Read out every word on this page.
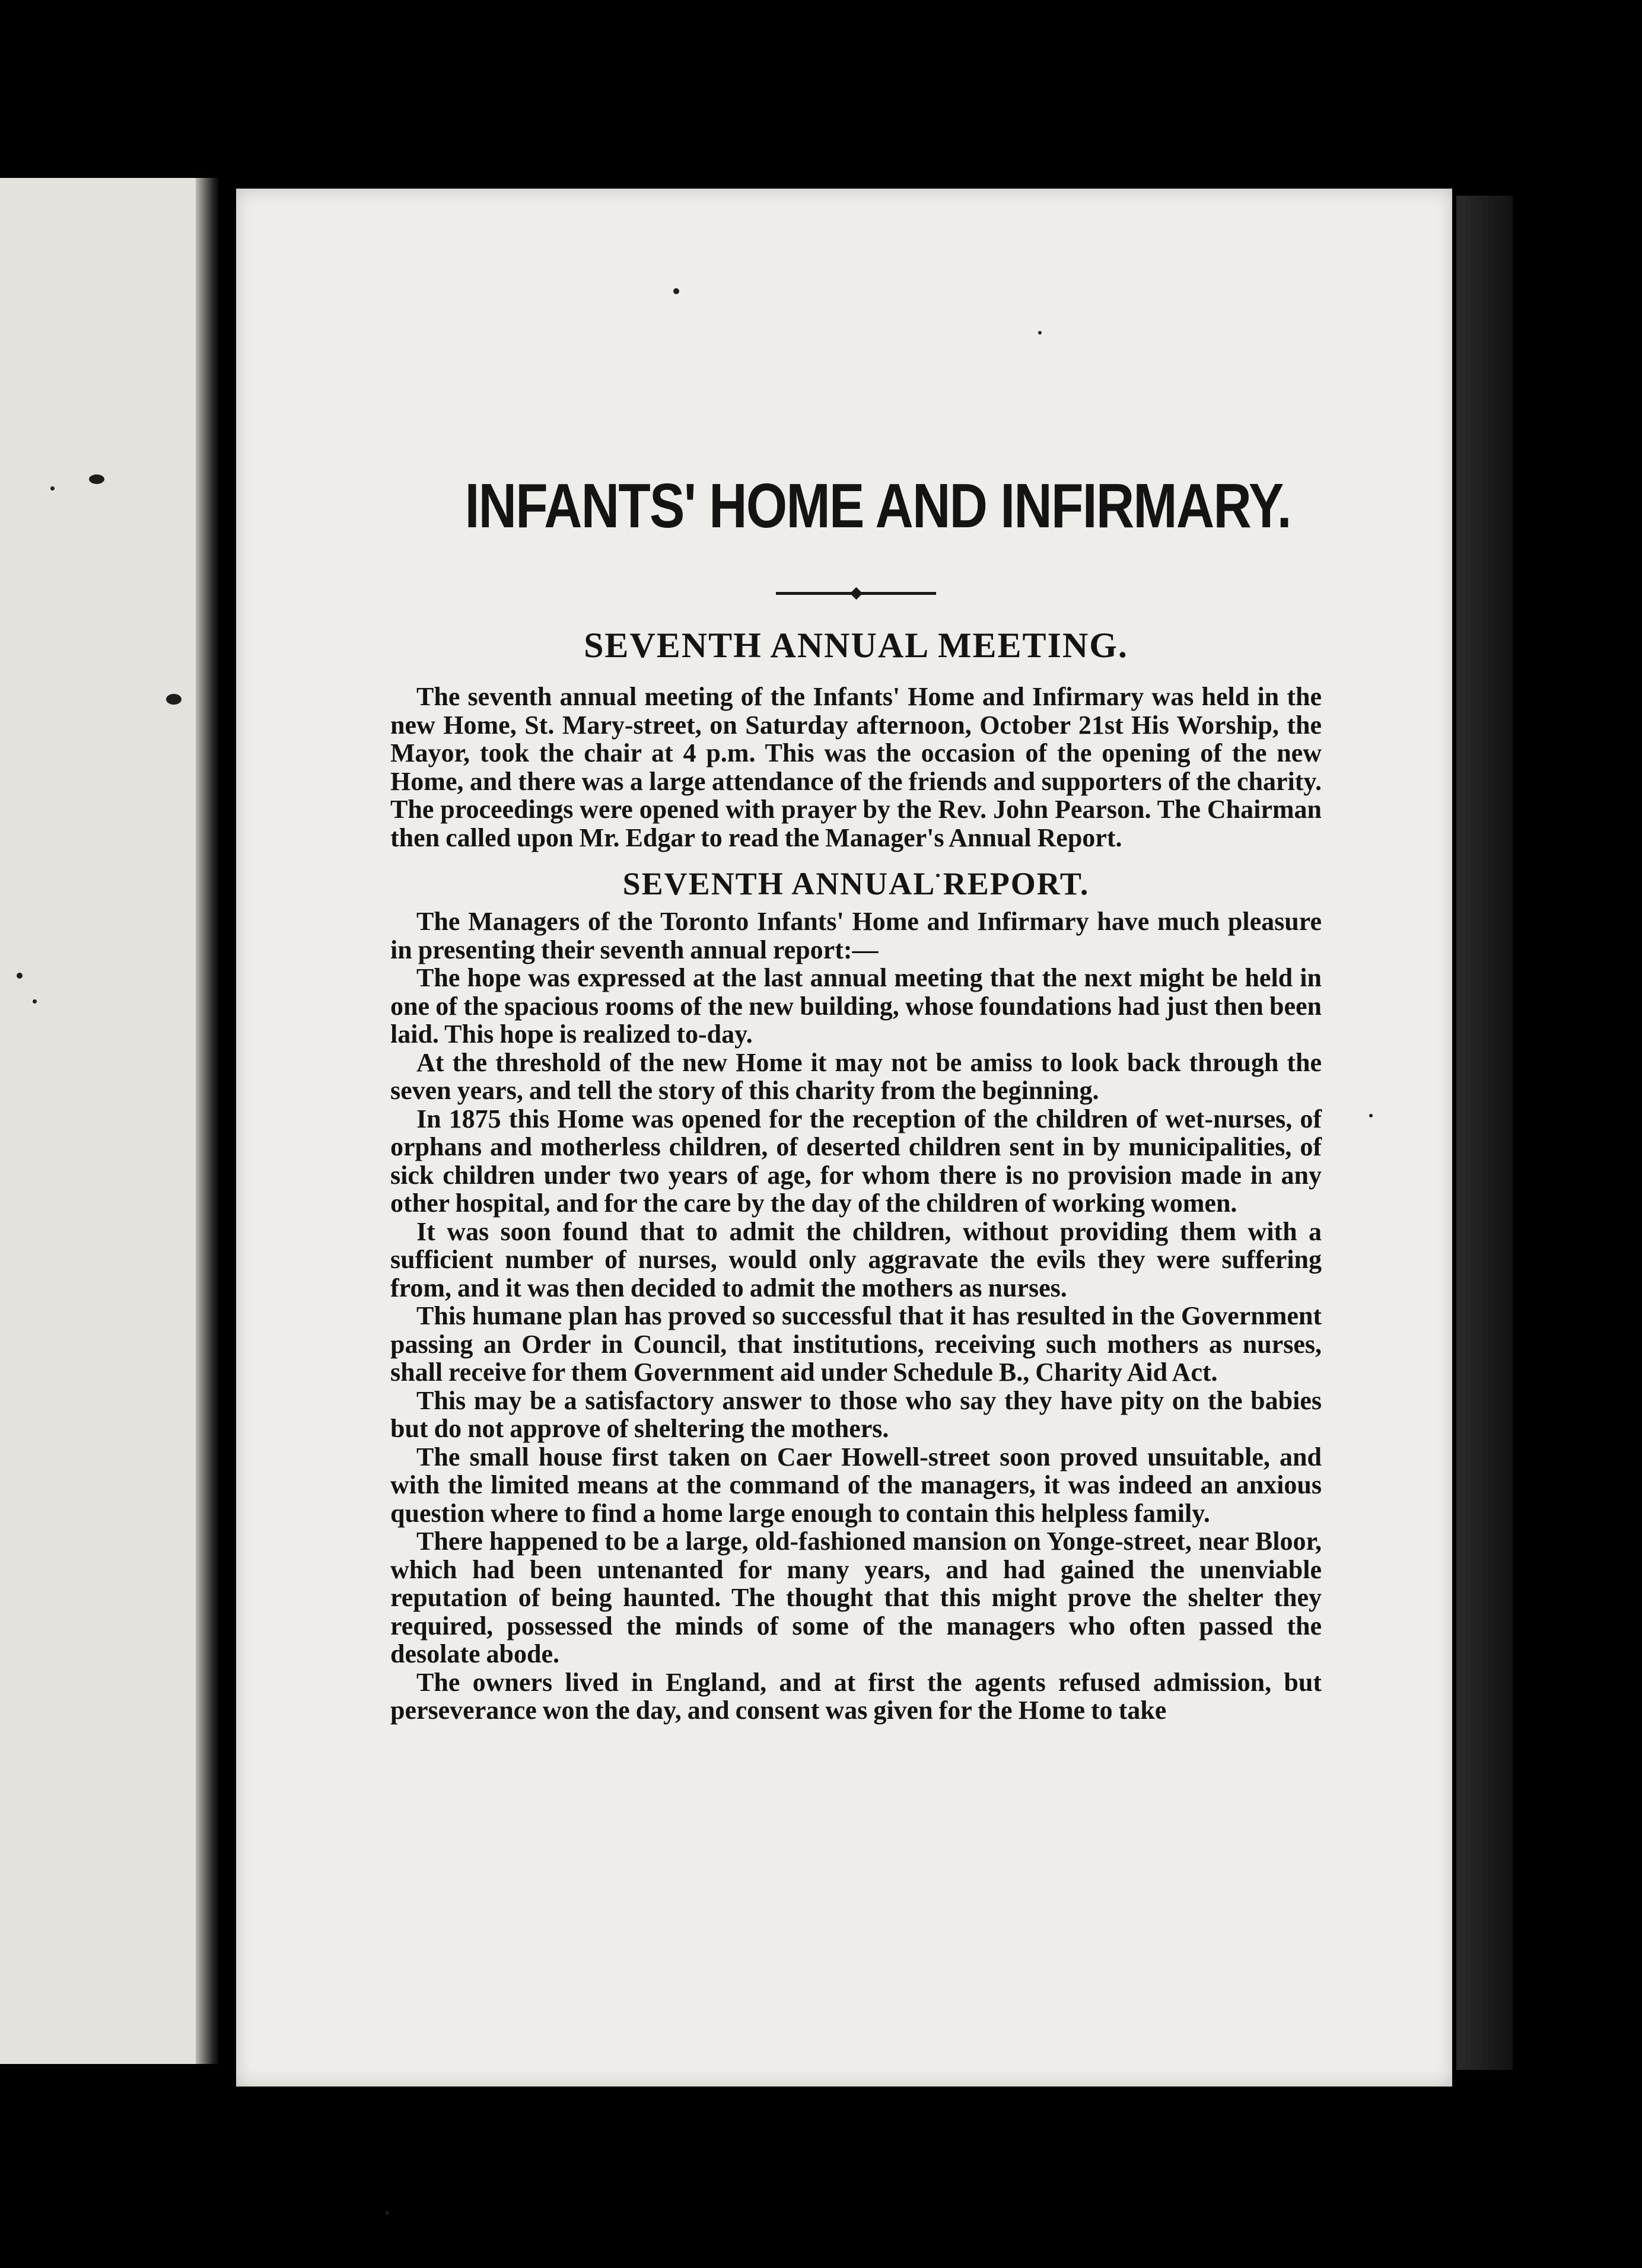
INFANTS' HOME AND INFIRMARY.
SEVENTH ANNUAL MEETING.

The seventh annual meeting of the Infants' Home and Infirmary was held in the new Home, St. Mary-street, on Saturday afternoon, October 21st His Worship, the Mayor, took the chair at 4 p.m. This was the occasion of the opening of the new Home, and there was a large attendance of the friends and supporters of the charity. The proceedings were opened with prayer by the Rev. John Pearson. The Chairman then called upon Mr. Edgar to read the Manager's Annual Report.

SEVENTH ANNUAL REPORT.

The Managers of the Toronto Infants' Home and Infirmary have much pleasure in presenting their seventh annual report:—

The hope was expressed at the last annual meeting that the next might be held in one of the spacious rooms of the new building, whose foundations had just then been laid. This hope is realized to-day.

At the threshold of the new Home it may not be amiss to look back through the seven years, and tell the story of this charity from the beginning.

In 1875 this Home was opened for the reception of the children of wet-nurses, of orphans and motherless children, of deserted children sent in by municipalities, of sick children under two years of age, for whom there is no provision made in any other hospital, and for the care by the day of the children of working women.

It was soon found that to admit the children, without providing them with a sufficient number of nurses, would only aggravate the evils they were suffering from, and it was then decided to admit the mothers as nurses.

This humane plan has proved so successful that it has resulted in the Government passing an Order in Council, that institutions, receiving such mothers as nurses, shall receive for them Government aid under Schedule B., Charity Aid Act.

This may be a satisfactory answer to those who say they have pity on the babies but do not approve of sheltering the mothers.

The small house first taken on Caer Howell-street soon proved unsuitable, and with the limited means at the command of the managers, it was indeed an anxious question where to find a home large enough to contain this helpless family.

There happened to be a large, old-fashioned mansion on Yonge-street, near Bloor, which had been untenanted for many years, and had gained the unenviable reputation of being haunted. The thought that this might prove the shelter they required, possessed the minds of some of the managers who often passed the desolate abode.

The owners lived in England, and at first the agents refused admission, but perseverance won the day, and consent was given for the Home to take
